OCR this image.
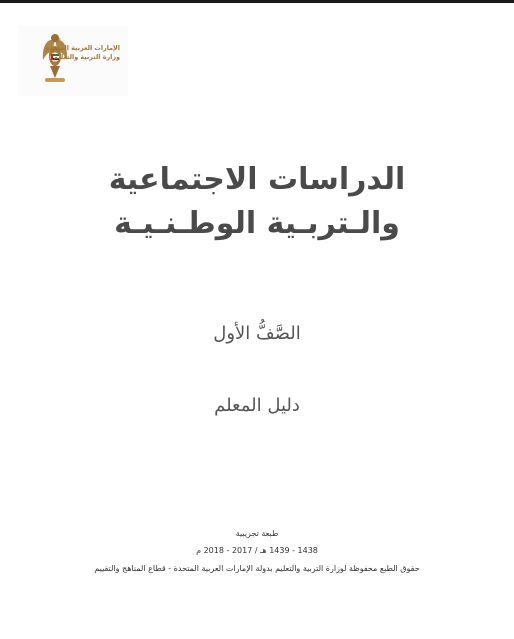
الإمارات العربية المتحدة
وزارة التربية والتعليم
الدراسات الاجتماعية
والـتربـية الوطـنـيـة
الصَّفُّ الأول
دليل المعلم
طبعة تجريبية
1438 - 1439 هـ / 2017 - 2018 م
حقوق الطبع محفوظة لوزارة التربية والتعليم بدولة الإمارات العربية المتحدة - قطاع المناهج والتقييم
